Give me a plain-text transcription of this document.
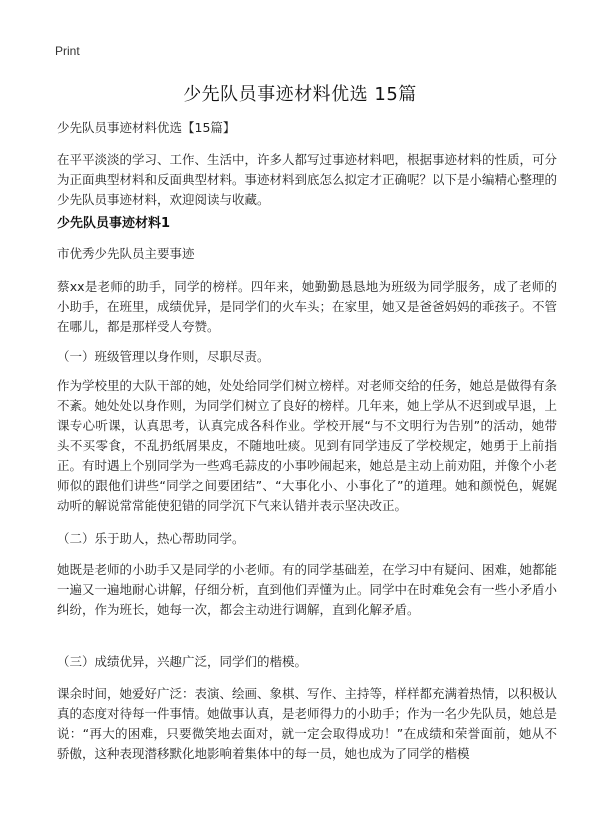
Print
少先队员事迹材料优选 15篇
少先队员事迹材料优选【15篇】
在平平淡淡的学习、工作、生活中，许多人都写过事迹材料吧，根据事迹材料的性质，可分为正面典型材料和反面典型材料。事迹材料到底怎么拟定才正确呢？以下是小编精心整理的少先队员事迹材料，欢迎阅读与收藏。
少先队员事迹材料1
市优秀少先队员主要事迹
蔡xx是老师的助手，同学的榜样。四年来，她勤勤恳恳地为班级为同学服务，成了老师的小助手，在班里，成绩优异，是同学们的火车头；在家里，她又是爸爸妈妈的乖孩子。不管在哪儿，都是那样受人夸赞。
（一）班级管理以身作则，尽职尽责。
作为学校里的大队干部的她，处处给同学们树立榜样。对老师交给的任务，她总是做得有条不紊。她处处以身作则，为同学们树立了良好的榜样。几年来，她上学从不迟到或早退，上课专心听课，认真思考，认真完成各科作业。学校开展“与不文明行为告别”的活动，她带头不买零食，不乱扔纸屑果皮，不随地吐痰。见到有同学违反了学校规定，她勇于上前指正。有时遇上个别同学为一些鸡毛蒜皮的小事吵闹起来，她总是主动上前劝阻，并像个小老师似的跟他们讲些“同学之间要团结”、“大事化小、小事化了”的道理。她和颜悦色，娓娓动听的解说常常能使犯错的同学沉下气来认错并表示坚决改正。
（二）乐于助人，热心帮助同学。
她既是老师的小助手又是同学的小老师。有的同学基础差，在学习中有疑问、困难，她都能一遍又一遍地耐心讲解，仔细分析，直到他们弄懂为止。同学中在时难免会有一些小矛盾小纠纷，作为班长，她每一次，都会主动进行调解，直到化解矛盾。
（三）成绩优异，兴趣广泛，同学们的楷模。
课余时间，她爱好广泛：表演、绘画、象棋、写作、主持等，样样都充满着热情，以积极认真的态度对待每一件事情。她做事认真，是老师得力的小助手；作为一名少先队员，她总是说：“再大的困难，只要微笑地去面对，就一定会取得成功！”在成绩和荣誉面前，她从不骄傲，这种表现潜移默化地影响着集体中的每一员，她也成为了同学的楷模
